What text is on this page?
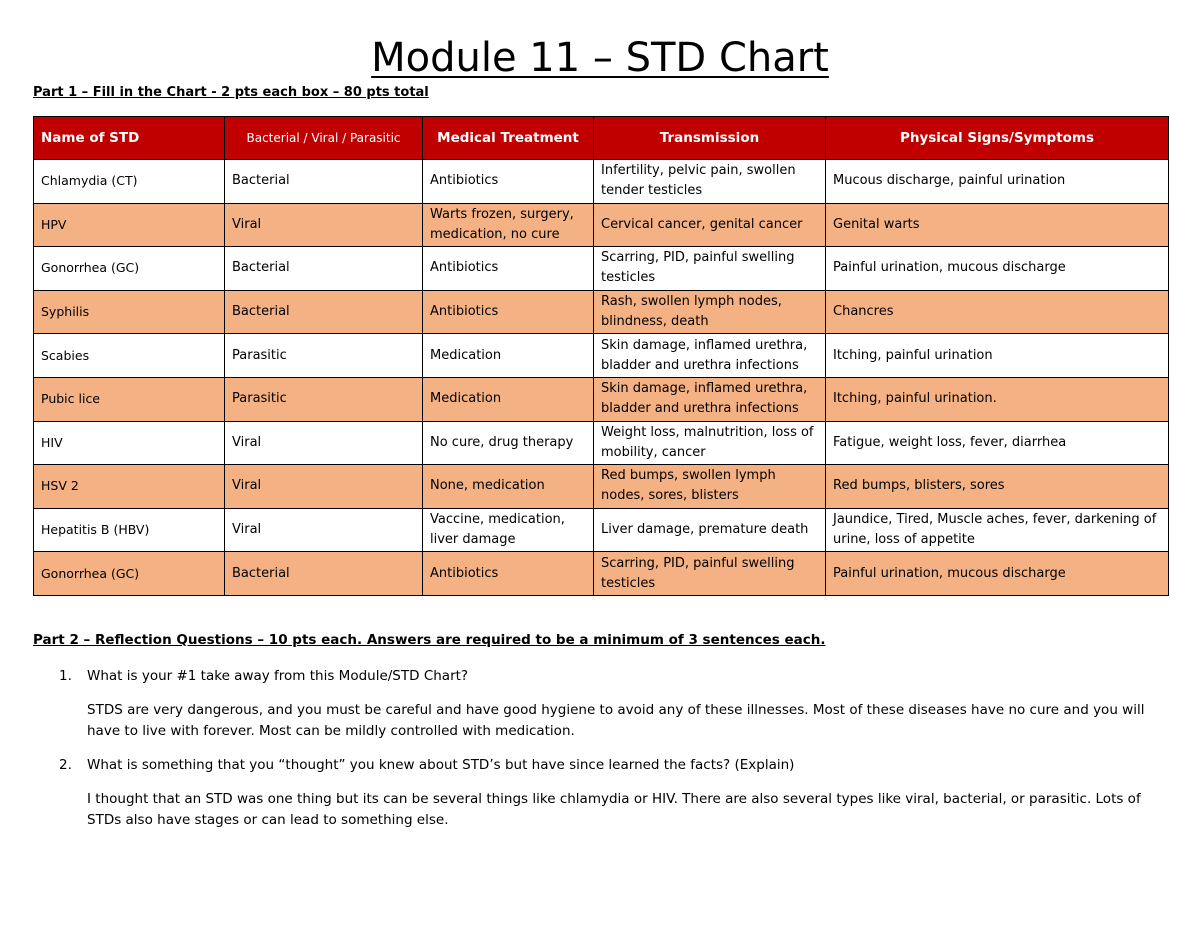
Module 11 – STD Chart
Part 1 – Fill in the Chart - 2 pts each box – 80 pts total
Name of STD	Bacterial / Viral / Parasitic	Medical Treatment	Transmission	Physical Signs/Symptoms
Chlamydia (CT)	Bacterial	Antibiotics	Infertility, pelvic pain, swollen tender testicles	Mucous discharge, painful urination
HPV	Viral	Warts frozen, surgery, medication, no cure	Cervical cancer, genital cancer	Genital warts
Gonorrhea (GC)	Bacterial	Antibiotics	Scarring, PID, painful swelling testicles	Painful urination, mucous discharge
Syphilis	Bacterial	Antibiotics	Rash, swollen lymph nodes, blindness, death	Chancres
Scabies	Parasitic	Medication	Skin damage, inflamed urethra, bladder and urethra infections	Itching, painful urination
Pubic lice	Parasitic	Medication	Skin damage, inflamed urethra, bladder and urethra infections	Itching, painful urination.
HIV	Viral	No cure, drug therapy	Weight loss, malnutrition, loss of mobility, cancer	Fatigue, weight loss, fever, diarrhea
HSV 2	Viral	None, medication	Red bumps, swollen lymph nodes, sores, blisters	Red bumps, blisters, sores
Hepatitis B (HBV)	Viral	Vaccine, medication, liver damage	Liver damage, premature death	Jaundice, Tired, Muscle aches, fever, darkening of urine, loss of appetite
Gonorrhea (GC)	Bacterial	Antibiotics	Scarring, PID, painful swelling testicles	Painful urination, mucous discharge
Part 2 – Reflection Questions – 10 pts each. Answers are required to be a minimum of 3 sentences each.
1. What is your #1 take away from this Module/STD Chart?

STDS are very dangerous, and you must be careful and have good hygiene to avoid any of these illnesses. Most of these diseases have no cure and you will have to live with forever. Most can be mildly controlled with medication.

2. What is something that you “thought” you knew about STD’s but have since learned the facts? (Explain)

I thought that an STD was one thing but its can be several things like chlamydia or HIV. There are also several types like viral, bacterial, or parasitic. Lots of STDs also have stages or can lead to something else.
